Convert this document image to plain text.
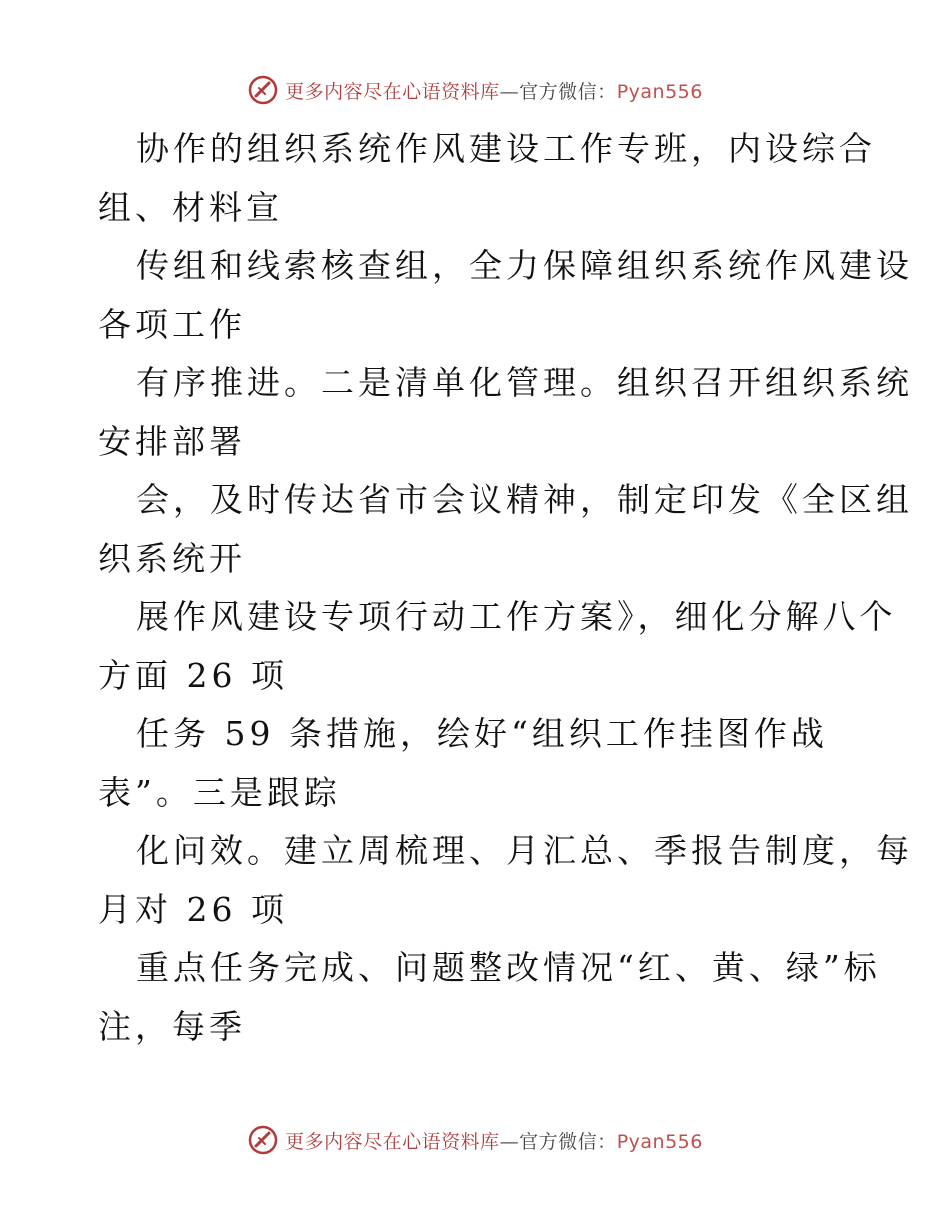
更多内容尽在心语资料库—官方微信：Pyan556
协作的组织系统作风建设工作专班，内设综合
组、材料宣
传组和线索核查组，全力保障组织系统作风建设
各项工作
有序推进。二是清单化管理。组织召开组织系统
安排部署
会，及时传达省市会议精神，制定印发《全区组
织系统开
展作风建设专项行动工作方案》，细化分解八个
方面 26 项
任务 59 条措施，绘好“组织工作挂图作战
表”。三是跟踪
化问效。建立周梳理、月汇总、季报告制度，每
月对 26 项
重点任务完成、问题整改情况“红、黄、绿”标
注，每季
更多内容尽在心语资料库—官方微信：Pyan556
